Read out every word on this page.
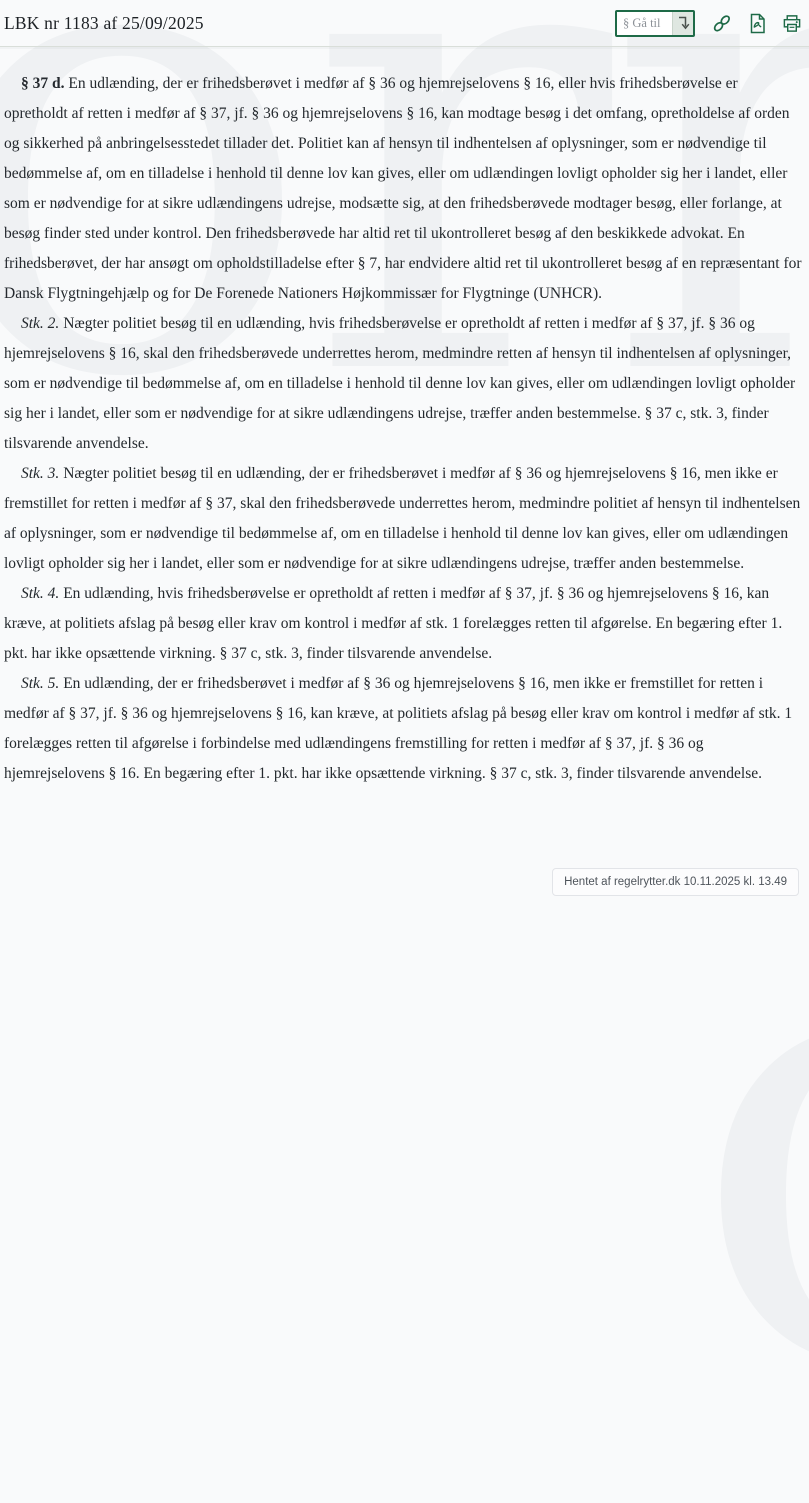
LBK nr 1183 af 25/09/2025
§ Gå til

§ 37 d. En udlænding, der er frihedsberøvet i medfør af § 36 og hjemrejselovens § 16, eller hvis frihedsberøvelse er opretholdt af retten i medfør af § 37, jf. § 36 og hjemrejselovens § 16, kan modtage besøg i det omfang, opretholdelse af orden og sikkerhed på anbringelsesstedet tillader det. Politiet kan af hensyn til indhentelsen af oplysninger, som er nødvendige til bedømmelse af, om en tilladelse i henhold til denne lov kan gives, eller om udlændingen lovligt opholder sig her i landet, eller som er nødvendige for at sikre udlændingens udrejse, modsætte sig, at den frihedsberøvede modtager besøg, eller forlange, at besøg finder sted under kontrol. Den frihedsberøvede har altid ret til ukontrolleret besøg af den beskikkede advokat. En frihedsberøvet, der har ansøgt om opholdstilladelse efter § 7, har endvidere altid ret til ukontrolleret besøg af en repræsentant for Dansk Flygtningehjælp og for De Forenede Nationers Højkommissær for Flygtninge (UNHCR).

Stk. 2. Nægter politiet besøg til en udlænding, hvis frihedsberøvelse er opretholdt af retten i medfør af § 37, jf. § 36 og hjemrejselovens § 16, skal den frihedsberøvede underrettes herom, medmindre retten af hensyn til indhentelsen af oplysninger, som er nødvendige til bedømmelse af, om en tilladelse i henhold til denne lov kan gives, eller om udlændingen lovligt opholder sig her i landet, eller som er nødvendige for at sikre udlændingens udrejse, træffer anden bestemmelse. § 37 c, stk. 3, finder tilsvarende anvendelse.

Stk. 3. Nægter politiet besøg til en udlænding, der er frihedsberøvet i medfør af § 36 og hjemrejselovens § 16, men ikke er fremstillet for retten i medfør af § 37, skal den frihedsberøvede underrettes herom, medmindre politiet af hensyn til indhentelsen af oplysninger, som er nødvendige til bedømmelse af, om en tilladelse i henhold til denne lov kan gives, eller om udlændingen lovligt opholder sig her i landet, eller som er nødvendige for at sikre udlændingens udrejse, træffer anden bestemmelse.

Stk. 4. En udlænding, hvis frihedsberøvelse er opretholdt af retten i medfør af § 37, jf. § 36 og hjemrejselovens § 16, kan kræve, at politiets afslag på besøg eller krav om kontrol i medfør af stk. 1 forelægges retten til afgørelse. En begæring efter 1. pkt. har ikke opsættende virkning. § 37 c, stk. 3, finder tilsvarende anvendelse.

Stk. 5. En udlænding, der er frihedsberøvet i medfør af § 36 og hjemrejselovens § 16, men ikke er fremstillet for retten i medfør af § 37, jf. § 36 og hjemrejselovens § 16, kan kræve, at politiets afslag på besøg eller krav om kontrol i medfør af stk. 1 forelægges retten til afgørelse i forbindelse med udlændingens fremstilling for retten i medfør af § 37, jf. § 36 og hjemrejselovens § 16. En begæring efter 1. pkt. har ikke opsættende virkning. § 37 c, stk. 3, finder tilsvarende anvendelse.

Hentet af regelrytter.dk 10.11.2025 kl. 13.49
